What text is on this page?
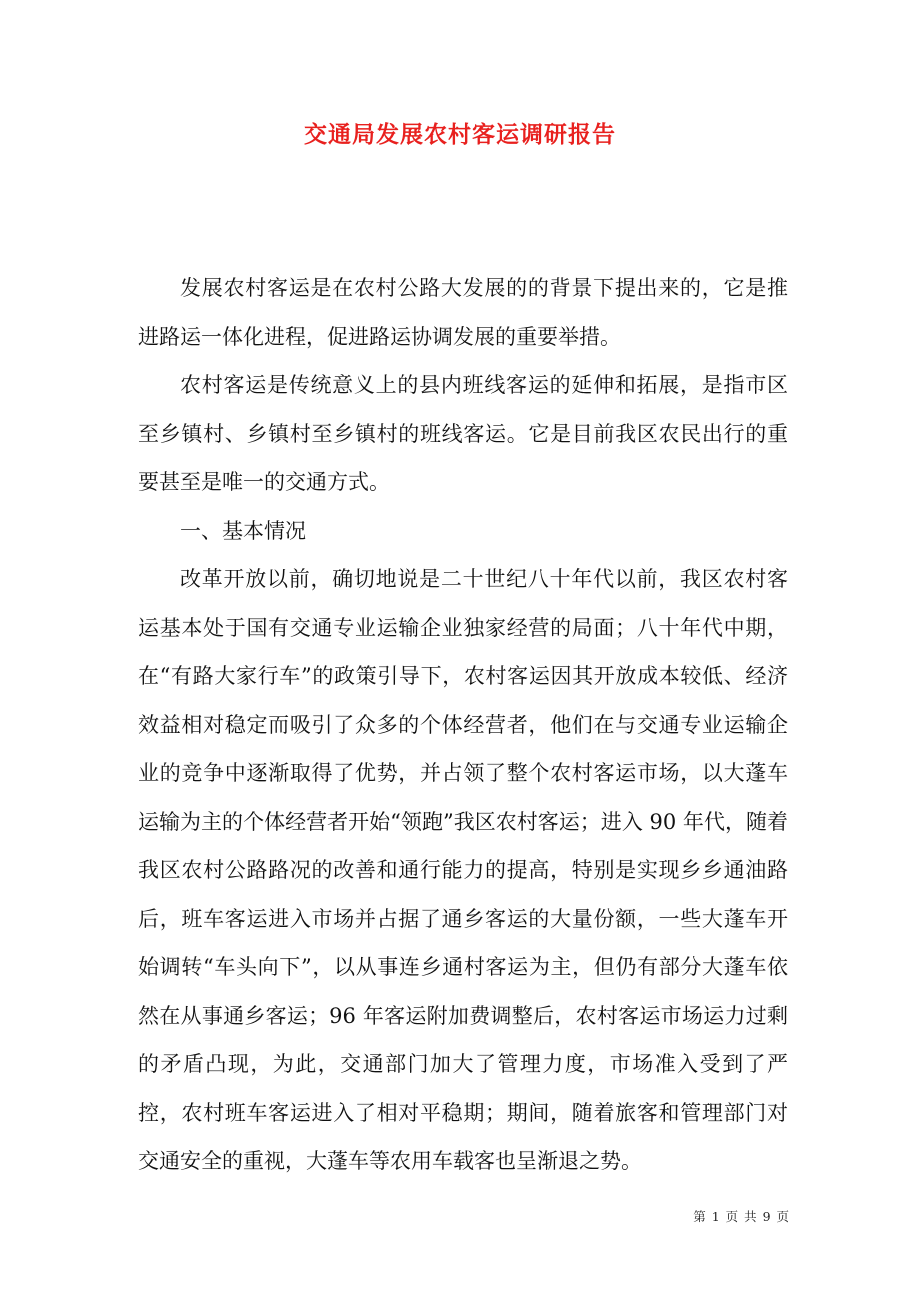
交通局发展农村客运调研报告

发展农村客运是在农村公路大发展的的背景下提出来的，它是推进路运一体化进程，促进路运协调发展的重要举措。

农村客运是传统意义上的县内班线客运的延伸和拓展，是指市区至乡镇村、乡镇村至乡镇村的班线客运。它是目前我区农民出行的重要甚至是唯一的交通方式。

一、基本情况

改革开放以前，确切地说是二十世纪八十年代以前，我区农村客运基本处于国有交通专业运输企业独家经营的局面；八十年代中期，在“有路大家行车”的政策引导下，农村客运因其开放成本较低、经济效益相对稳定而吸引了众多的个体经营者，他们在与交通专业运输企业的竞争中逐渐取得了优势，并占领了整个农村客运市场，以大蓬车运输为主的个体经营者开始“领跑”我区农村客运；进入 90 年代，随着我区农村公路路况的改善和通行能力的提高，特别是实现乡乡通油路后，班车客运进入市场并占据了通乡客运的大量份额，一些大蓬车开始调转“车头向下”，以从事连乡通村客运为主，但仍有部分大蓬车依然在从事通乡客运；96 年客运附加费调整后，农村客运市场运力过剩的矛盾凸现，为此，交通部门加大了管理力度，市场准入受到了严控，农村班车客运进入了相对平稳期；期间，随着旅客和管理部门对交通安全的重视，大蓬车等农用车载客也呈渐退之势。

第 1 页 共 9 页
